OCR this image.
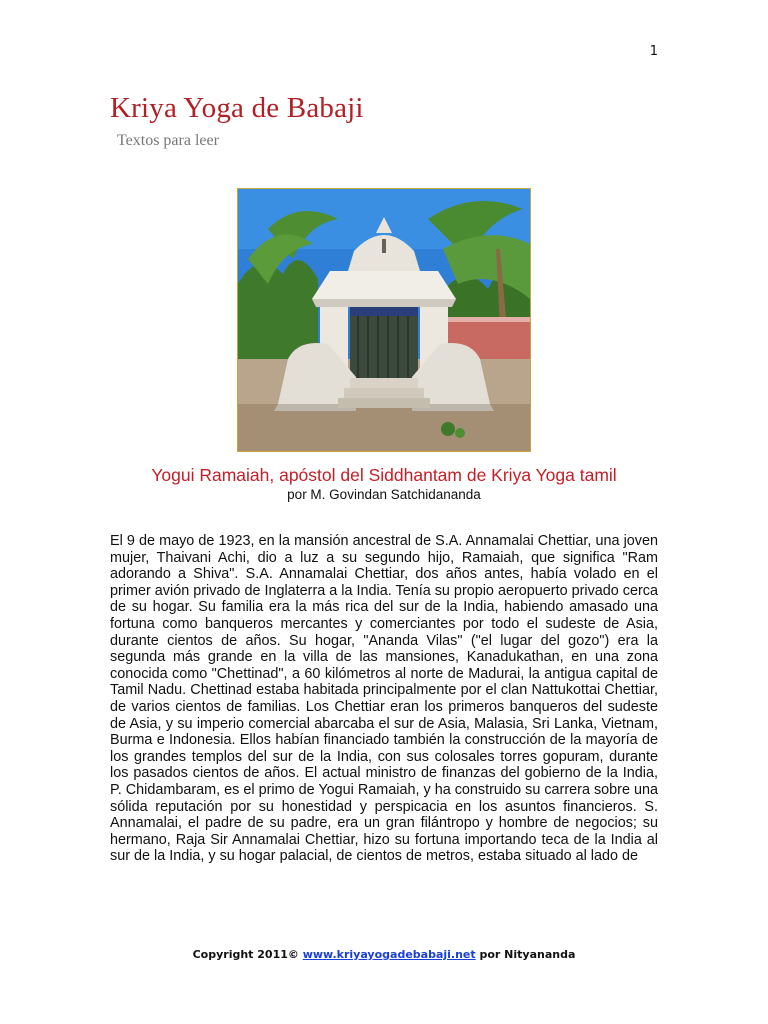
1
Kriya Yoga de Babaji
Textos para leer
Yogui Ramaiah, apóstol del Siddhantam de Kriya Yoga tamil
por M. Govindan Satchidananda

El 9 de mayo de 1923, en la mansión ancestral de S.A. Annamalai Chettiar, una joven mujer, Thaivani Achi, dio a luz a su segundo hijo, Ramaiah, que significa "Ram adorando a Shiva". S.A. Annamalai Chettiar, dos años antes, había volado en el primer avión privado de Inglaterra a la India. Tenía su propio aeropuerto privado cerca de su hogar. Su familia era la más rica del sur de la India, habiendo amasado una fortuna como banqueros mercantes y comerciantes por todo el sudeste de Asia, durante cientos de años. Su hogar, "Ananda Vilas" ("el lugar del gozo") era la segunda más grande en la villa de las mansiones, Kanadukathan, en una zona conocida como "Chettinad", a 60 kilómetros al norte de Madurai, la antigua capital de Tamil Nadu. Chettinad estaba habitada principalmente por el clan Nattukottai Chettiar, de varios cientos de familias. Los Chettiar eran los primeros banqueros del sudeste de Asia, y su imperio comercial abarcaba el sur de Asia, Malasia, Sri Lanka, Vietnam, Burma e Indonesia. Ellos habían financiado también la construcción de la mayoría de los grandes templos del sur de la India, con sus colosales torres gopuram, durante los pasados cientos de años. El actual ministro de finanzas del gobierno de la India, P. Chidambaram, es el primo de Yogui Ramaiah, y ha construido su carrera sobre una sólida reputación por su honestidad y perspicacia en los asuntos financieros. S. Annamalai, el padre de su padre, era un gran filántropo y hombre de negocios; su hermano, Raja Sir Annamalai Chettiar, hizo su fortuna importando teca de la India al sur de la India, y su hogar palacial, de cientos de metros, estaba situado al lado de

Copyright 2011© www.kriyayogadebabaji.net por Nityananda
